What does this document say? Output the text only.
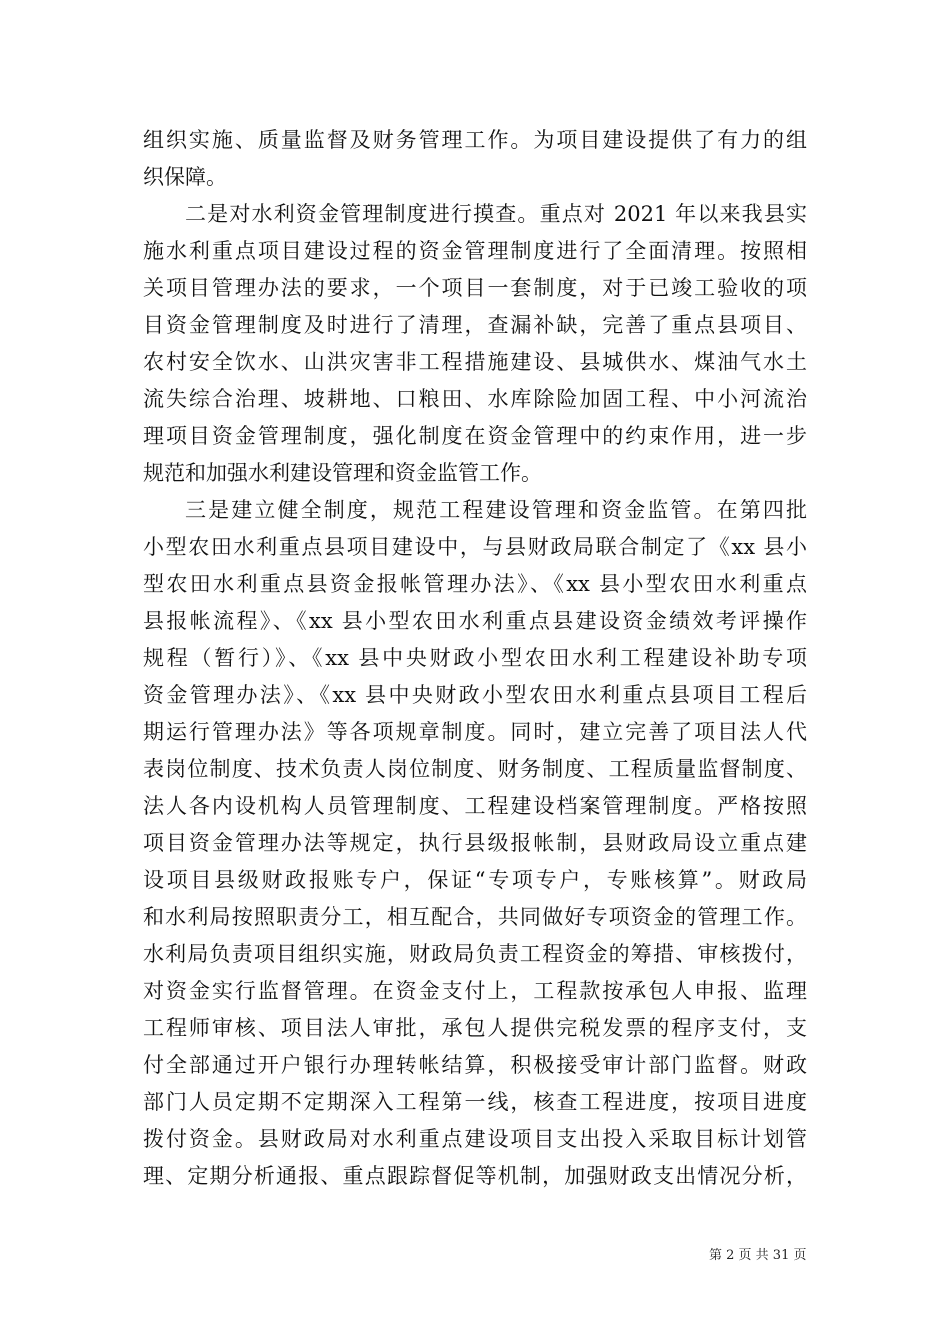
组织实施、质量监督及财务管理工作。为项目建设提供了有力的组
织保障。
二是对水利资金管理制度进行摸查。重点对 2021 年以来我县实
施水利重点项目建设过程的资金管理制度进行了全面清理。按照相
关项目管理办法的要求，一个项目一套制度，对于已竣工验收的项
目资金管理制度及时进行了清理，查漏补缺，完善了重点县项目、
农村安全饮水、山洪灾害非工程措施建设、县城供水、煤油气水土
流失综合治理、坡耕地、口粮田、水库除险加固工程、中小河流治
理项目资金管理制度，强化制度在资金管理中的约束作用，进一步
规范和加强水利建设管理和资金监管工作。
三是建立健全制度，规范工程建设管理和资金监管。在第四批
小型农田水利重点县项目建设中，与县财政局联合制定了《xx 县小
型农田水利重点县资金报帐管理办法》、《xx 县小型农田水利重点
县报帐流程》、《xx 县小型农田水利重点县建设资金绩效考评操作
规程（暂行）》、《xx 县中央财政小型农田水利工程建设补助专项
资金管理办法》、《xx 县中央财政小型农田水利重点县项目工程后
期运行管理办法》等各项规章制度。同时，建立完善了项目法人代
表岗位制度、技术负责人岗位制度、财务制度、工程质量监督制度、
法人各内设机构人员管理制度、工程建设档案管理制度。严格按照
项目资金管理办法等规定，执行县级报帐制，县财政局设立重点建
设项目县级财政报账专户，保证“专项专户，专账核算”。财政局
和水利局按照职责分工，相互配合，共同做好专项资金的管理工作。
水利局负责项目组织实施，财政局负责工程资金的筹措、审核拨付，
对资金实行监督管理。在资金支付上，工程款按承包人申报、监理
工程师审核、项目法人审批，承包人提供完税发票的程序支付，支
付全部通过开户银行办理转帐结算，积极接受审计部门监督。财政
部门人员定期不定期深入工程第一线，核查工程进度，按项目进度
拨付资金。县财政局对水利重点建设项目支出投入采取目标计划管
理、定期分析通报、重点跟踪督促等机制，加强财政支出情况分析，
第 2 页 共 31 页
